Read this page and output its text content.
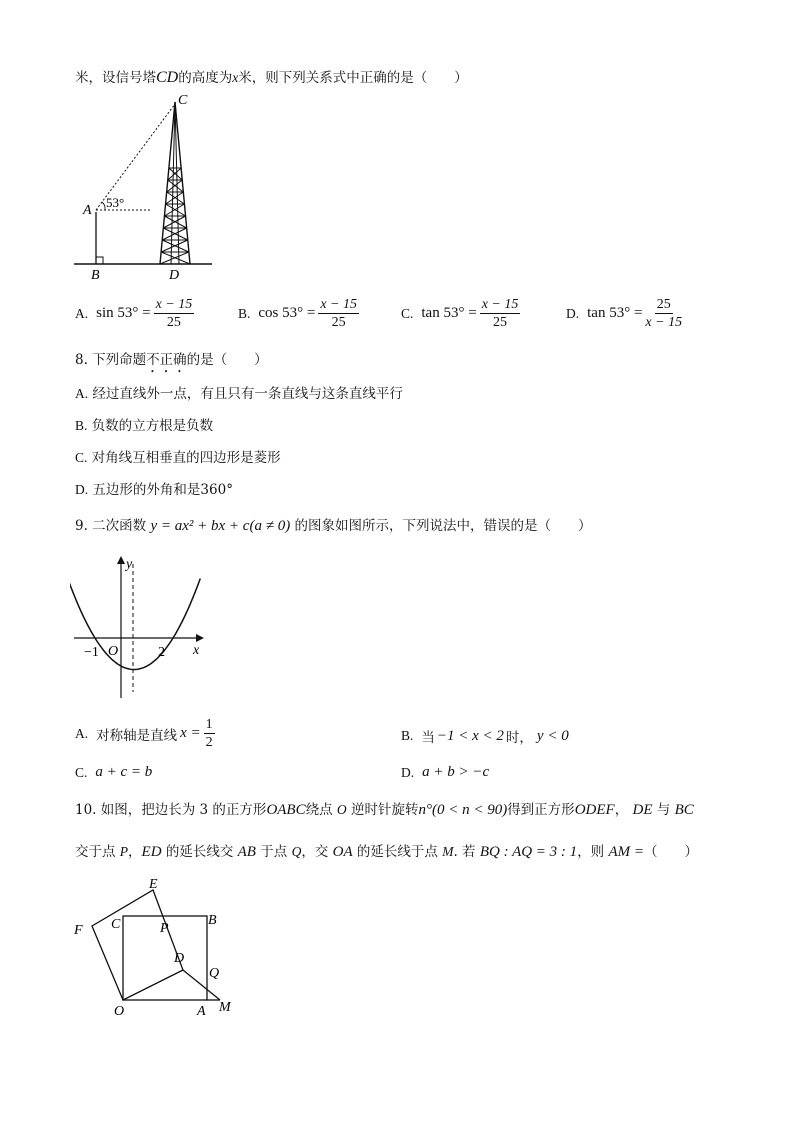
米，设信号塔CD的高度为x米，则下列关系式中正确的是（　　）
C
A
53°
B	D
A. $\sin 53^\circ = \frac{x - 15}{25}$	B. $\cos 53^\circ = \frac{x - 15}{25}$	C. $\tan 53^\circ = \frac{x - 15}{25}$	D. $\tan 53^\circ = \frac{25}{x - 15}$
8. 下列命题不正确的是（　　）
A. 经过直线外一点，有且只有一条直线与这条直线平行
B. 负数的立方根是负数
C. 对角线互相垂直的四边形是菱形
D. 五边形的外角和是360°
9. 二次函数 y = ax² + bx + c(a ≠ 0) 的图象如图所示，下列说法中，错误的是（　　）
y
x
−1 O	2
A. 对称轴是直线 $x = \frac{1}{2}$	B. 当 −1 < x < 2 时， y < 0
C. a + c = b	D. a + b > −c
10. 如图，把边长为 3 的正方形OABC绕点 O 逆时针旋转n°(0 < n < 90)得到正方形ODEF， DE 与 BC
交于点 P，ED 的延长线交 AB 于点 Q，交 OA 的延长线于点 M. 若 BQ : AQ = 3 : 1，则 AM =（　　）
E
F C	P
B
D
Q
O	A M
